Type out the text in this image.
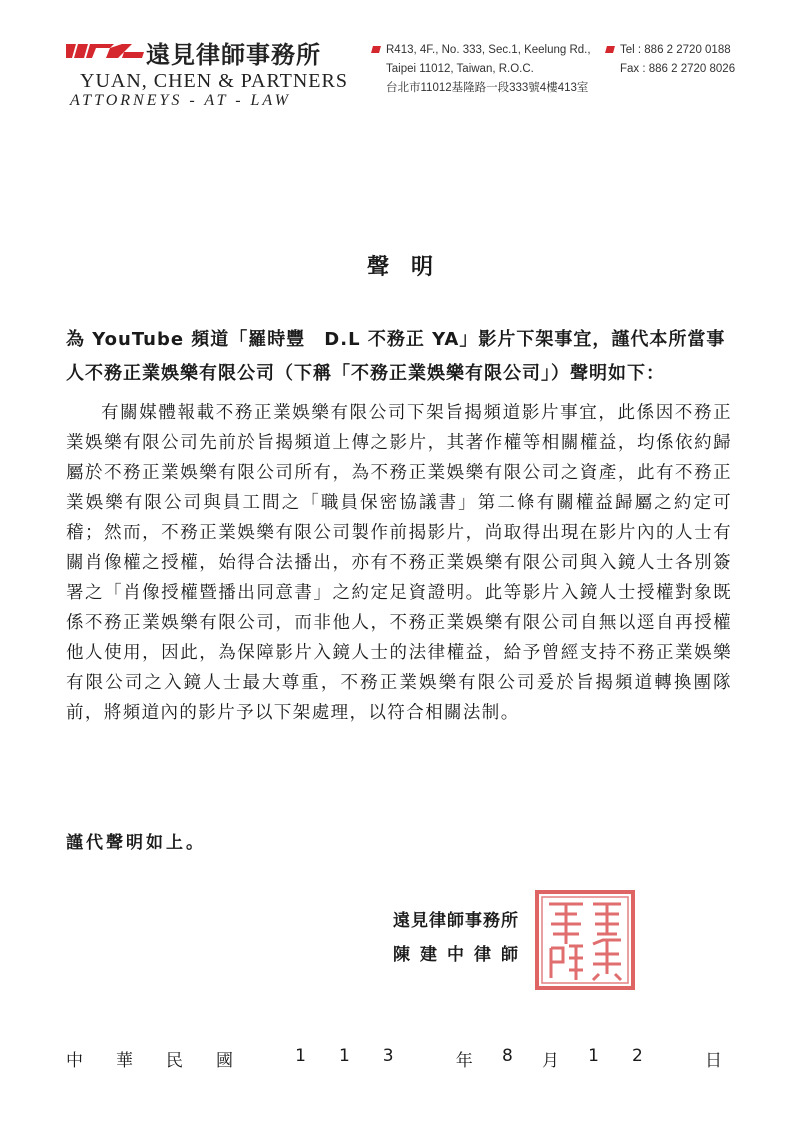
遠見律師事務所
YUAN, CHEN & PARTNERS
ATTORNEYS - AT - LAW
R413, 4F., No. 333, Sec.1, Keelung Rd.,
Taipei 11012, Taiwan, R.O.C.
台北市11012基隆路一段333號4樓413室
Tel : 886 2 2720 0188
Fax : 886 2 2720 8026
聲明
為 YouTube 頻道「羅時豐　D.L 不務正 YA」影片下架事宜，謹代本所當事人不務正業娛樂有限公司（下稱「不務正業娛樂有限公司」）聲明如下：
有關媒體報載不務正業娛樂有限公司下架旨揭頻道影片事宜，此係因不務正業娛樂有限公司先前於旨揭頻道上傳之影片，其著作權等相關權益，均係依約歸屬於不務正業娛樂有限公司所有，為不務正業娛樂有限公司之資產，此有不務正業娛樂有限公司與員工間之「職員保密協議書」第二條有關權益歸屬之約定可稽；然而，不務正業娛樂有限公司製作前揭影片，尚取得出現在影片內的人士有關肖像權之授權，始得合法播出，亦有不務正業娛樂有限公司與入鏡人士各別簽署之「肖像授權暨播出同意書」之約定足資證明。此等影片入鏡人士授權對象既係不務正業娛樂有限公司，而非他人，不務正業娛樂有限公司自無以逕自再授權他人使用，因此，為保障影片入鏡人士的法律權益，給予曾經支持不務正業娛樂有限公司之入鏡人士最大尊重，不務正業娛樂有限公司爰於旨揭頻道轉換團隊前，將頻道內的影片予以下架處理，以符合相關法制。
謹代聲明如上。
遠見律師事務所
陳建中律師
中華民國 113 年 8 月 12 日
